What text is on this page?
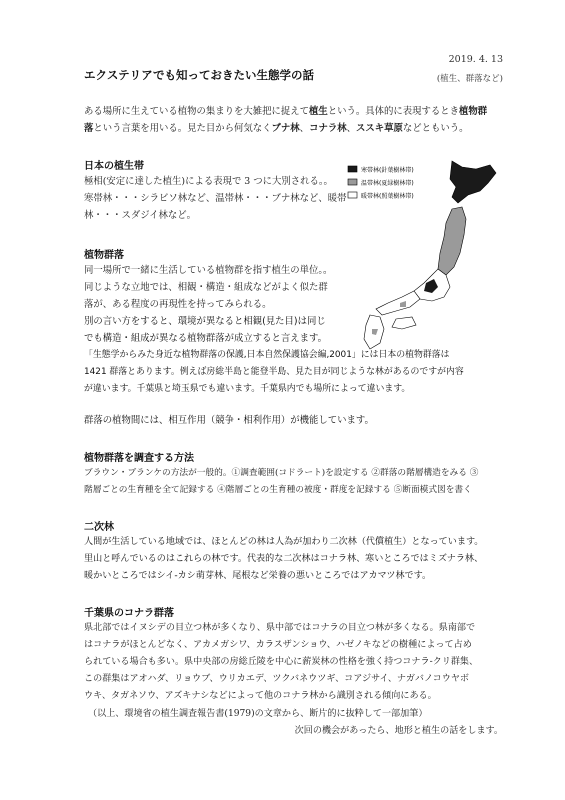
2019. 4. 13
エクステリアでも知っておきたい生態学の話	(植生、群落など)
ある場所に生えている植物の集まりを大雑把に捉えて植生という。具体的に表現するとき植物群
落という言葉を用いる。見た目から何気なくブナ林、コナラ林、ススキ草原などともいう。
日本の植生帯
極相(安定に達した植生)による表現で 3 つに大別される。。
寒帯林・・・シラビソ林など、温帯林・・・ブナ林など、暖帯
林・・・スダジイ林など。
寒帯林(針葉樹林帯)
温帯林(夏緑樹林帯)
暖帯林(照葉樹林帯)
植物群落
同一場所で一緒に生活している植物群を指す植生の単位。。
同じような立地では、相観・構造・組成などがよく似た群
落が、ある程度の再現性を持ってみられる。
別の言い方をすると、環境が異なると相観(見た目)は同じ
でも構造・組成が異なる植物群落が成立すると言えます。
「生態学からみた身近な植物群落の保護,日本自然保護協会編,2001」には日本の植物群落は
1421 群落とあります。例えば房総半島と能登半島、見た目が同じような林があるのですが内容
が違います。千葉県と埼玉県でも違います。千葉県内でも場所によって違います。
群落の植物間には、相互作用（競争・相利作用）が機能しています。
植物群落を調査する方法
ブラウン・ブランケの方法が一般的。①調査範囲(コドラート)を設定する ②群落の階層構造をみる ③
階層ごとの生育種を全て記録する ④階層ごとの生育種の被度・群度を記録する ⑤断面模式図を書く
二次林
人間が生活している地域では、ほとんどの林は人為が加わり二次林（代償植生）となっています。
里山と呼んでいるのはこれらの林です。代表的な二次林はコナラ林、寒いところではミズナラ林、
暖かいところではシイ-カシ萌芽林、尾根など栄養の悪いところではアカマツ林です。
千葉県のコナラ群落
県北部ではイヌシデの目立つ林が多くなり、県中部ではコナラの目立つ林が多くなる。県南部で
はコナラがほとんどなく、アカメガシワ、カラスザンショウ、ハゼノキなどの樹種によって占め
られている場合も多い。県中央部の房総丘陵を中心に薪炭林の性格を強く持つコナラ-クリ群集、
この群集はアオハダ、リョウブ、ウリカエデ、ツクバネウツギ、コアジサイ、ナガバノコウヤボ
ウキ、タガネソウ、アズキナシなどによって他のコナラ林から識別される傾向にある。
（以上、環境省の植生調査報告書(1979)の文章から、断片的に抜粋して一部加筆）
次回の機会があったら、地形と植生の話をします。
